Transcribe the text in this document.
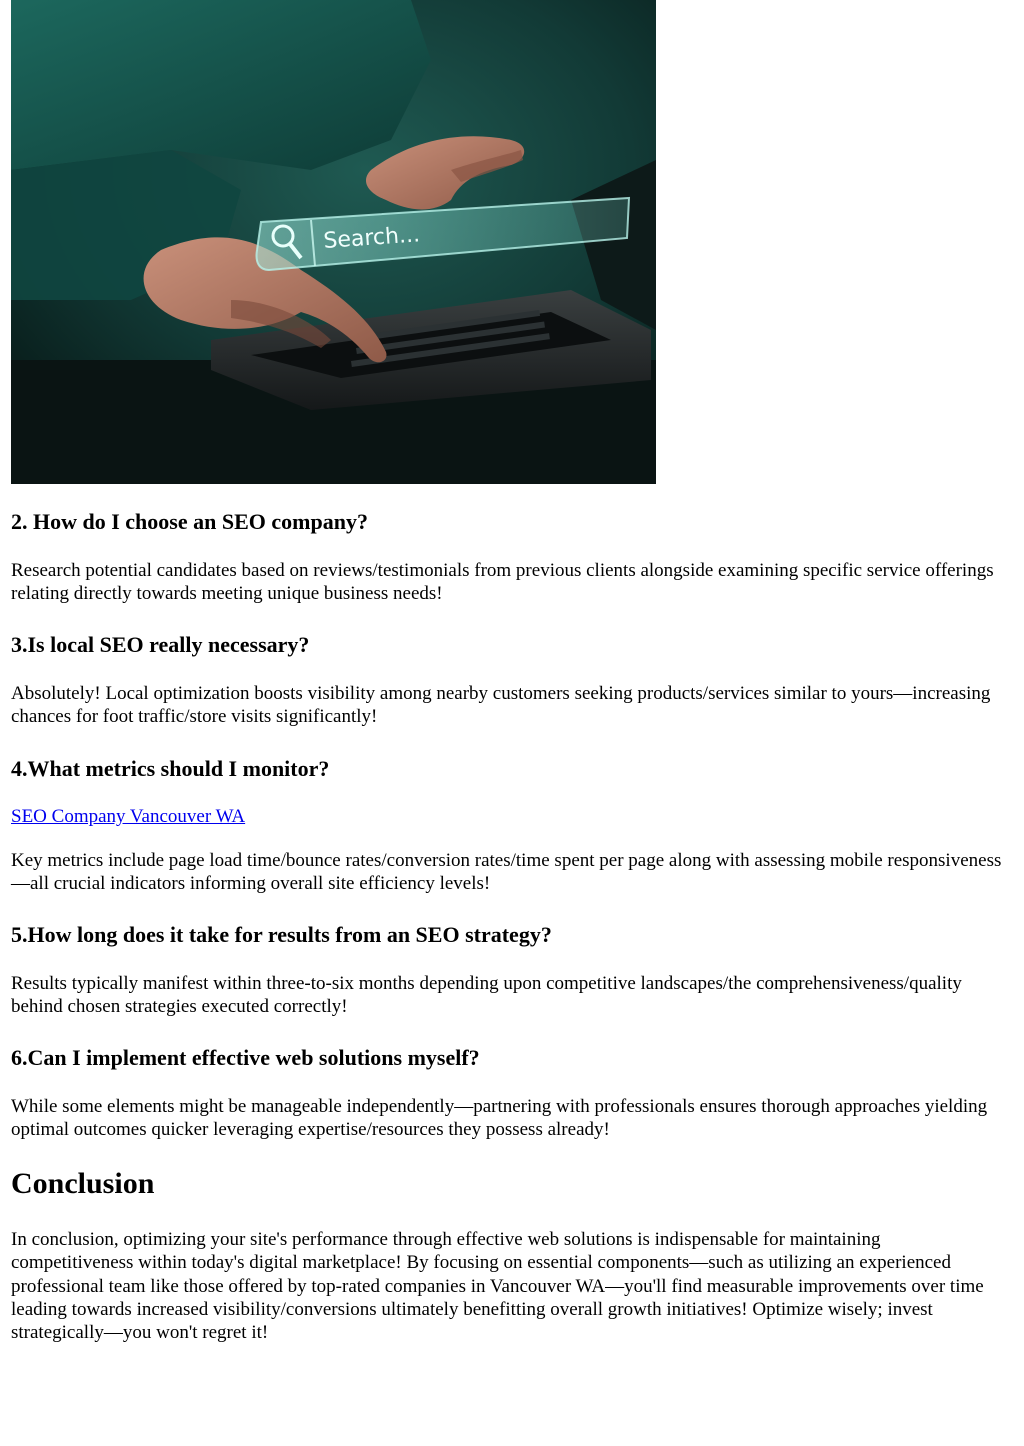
Search...
2. How do I choose an SEO company?

Research potential candidates based on reviews/testimonials from previous clients alongside examining specific service offerings relating directly towards meeting unique business needs!

3.Is local SEO really necessary?

Absolutely! Local optimization boosts visibility among nearby customers seeking products/services similar to yours—increasing chances for foot traffic/store visits significantly!

4.What metrics should I monitor?
SEO Company Vancouver WA

Key metrics include page load time/bounce rates/conversion rates/time spent per page along with assessing mobile responsiveness—all crucial indicators informing overall site efficiency levels!

5.How long does it take for results from an SEO strategy?

Results typically manifest within three-to-six months depending upon competitive landscapes/the comprehensiveness/quality behind chosen strategies executed correctly!

6.Can I implement effective web solutions myself?

While some elements might be manageable independently—partnering with professionals ensures thorough approaches yielding optimal outcomes quicker leveraging expertise/resources they possess already!

Conclusion

In conclusion, optimizing your site's performance through effective web solutions is indispensable for maintaining competitiveness within today's digital marketplace! By focusing on essential components—such as utilizing an experienced professional team like those offered by top-rated companies in Vancouver WA—you'll find measurable improvements over time leading towards increased visibility/conversions ultimately benefitting overall growth initiatives! Optimize wisely; invest strategically—you won't regret it!
